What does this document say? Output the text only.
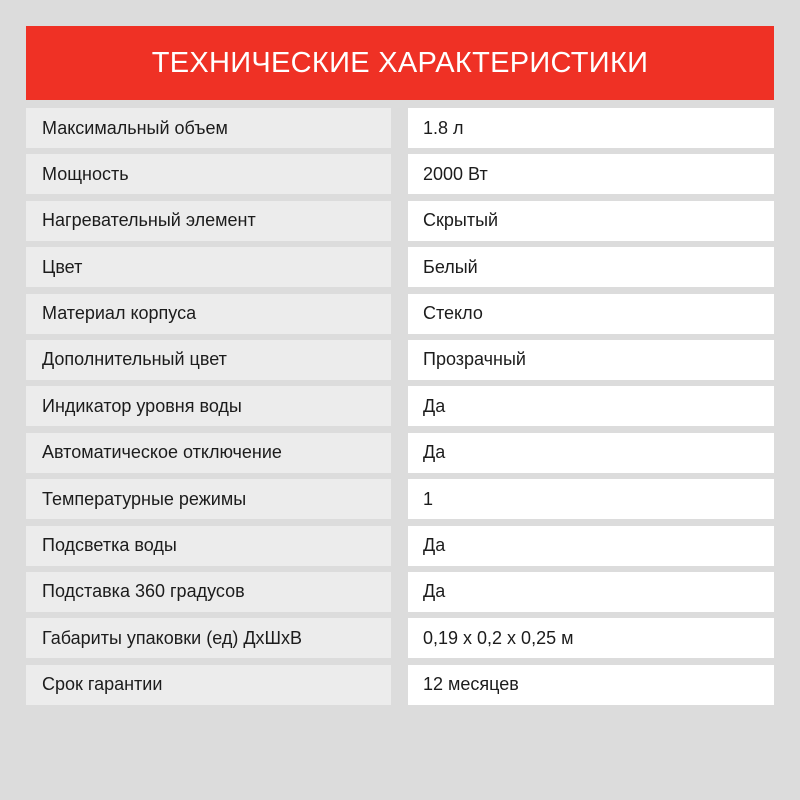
ТЕХНИЧЕСКИЕ ХАРАКТЕРИСТИКИ
Максимальный объем	1.8 л
Мощность	2000 Вт
Нагревательный элемент	Скрытый
Цвет	Белый
Материал корпуса	Стекло
Дополнительный цвет	Прозрачный
Индикатор уровня воды	Да
Автоматическое отключение	Да
Температурные режимы	1
Подсветка воды	Да
Подставка 360 градусов	Да
Габариты упаковки (ед) ДхШхВ	0,19 х 0,2 х 0,25 м
Срок гарантии	12 месяцев
